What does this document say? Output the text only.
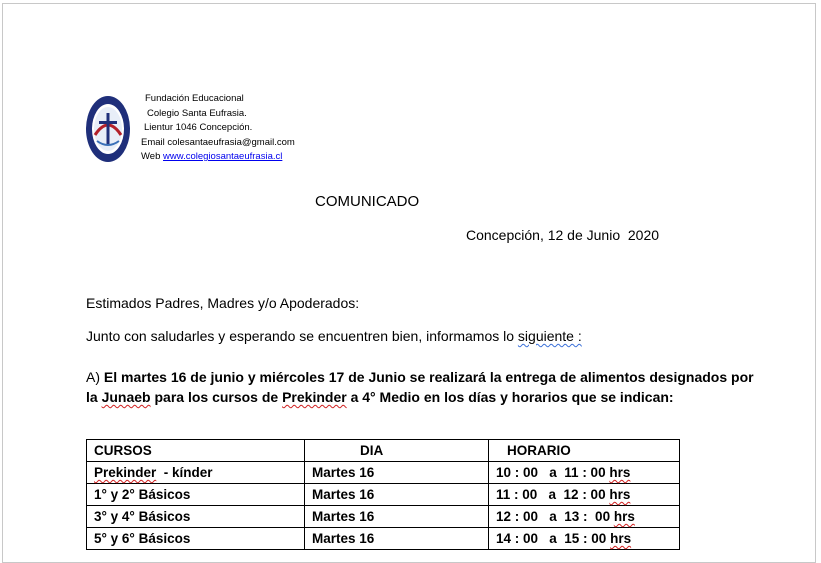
Fundación Educacional
Colegio Santa Eufrasia.
Lientur 1046 Concepción.
Email colesantaeufrasia@gmail.com
Web www.colegiosantaeufrasia.cl
COMUNICADO
Concepción, 12 de Junio  2020
Estimados Padres, Madres y/o Apoderados:
Junto con saludarles y esperando se encuentren bien, informamos lo siguiente :
A) El martes 16 de junio y miércoles 17 de Junio se realizará la entrega de alimentos designados por la Junaeb para los cursos de Prekinder a 4° Medio en los días y horarios que se indican:
CURSOS	DIA	HORARIO
Prekinder  - kínder	Martes 16	10 : 00   a  11 : 00 hrs
1° y 2° Básicos	Martes 16	11 : 00   a  12 : 00 hrs
3° y 4° Básicos	Martes 16	12 : 00   a  13 :  00 hrs
5° y 6° Básicos	Martes 16	14 : 00   a  15 : 00 hrs
